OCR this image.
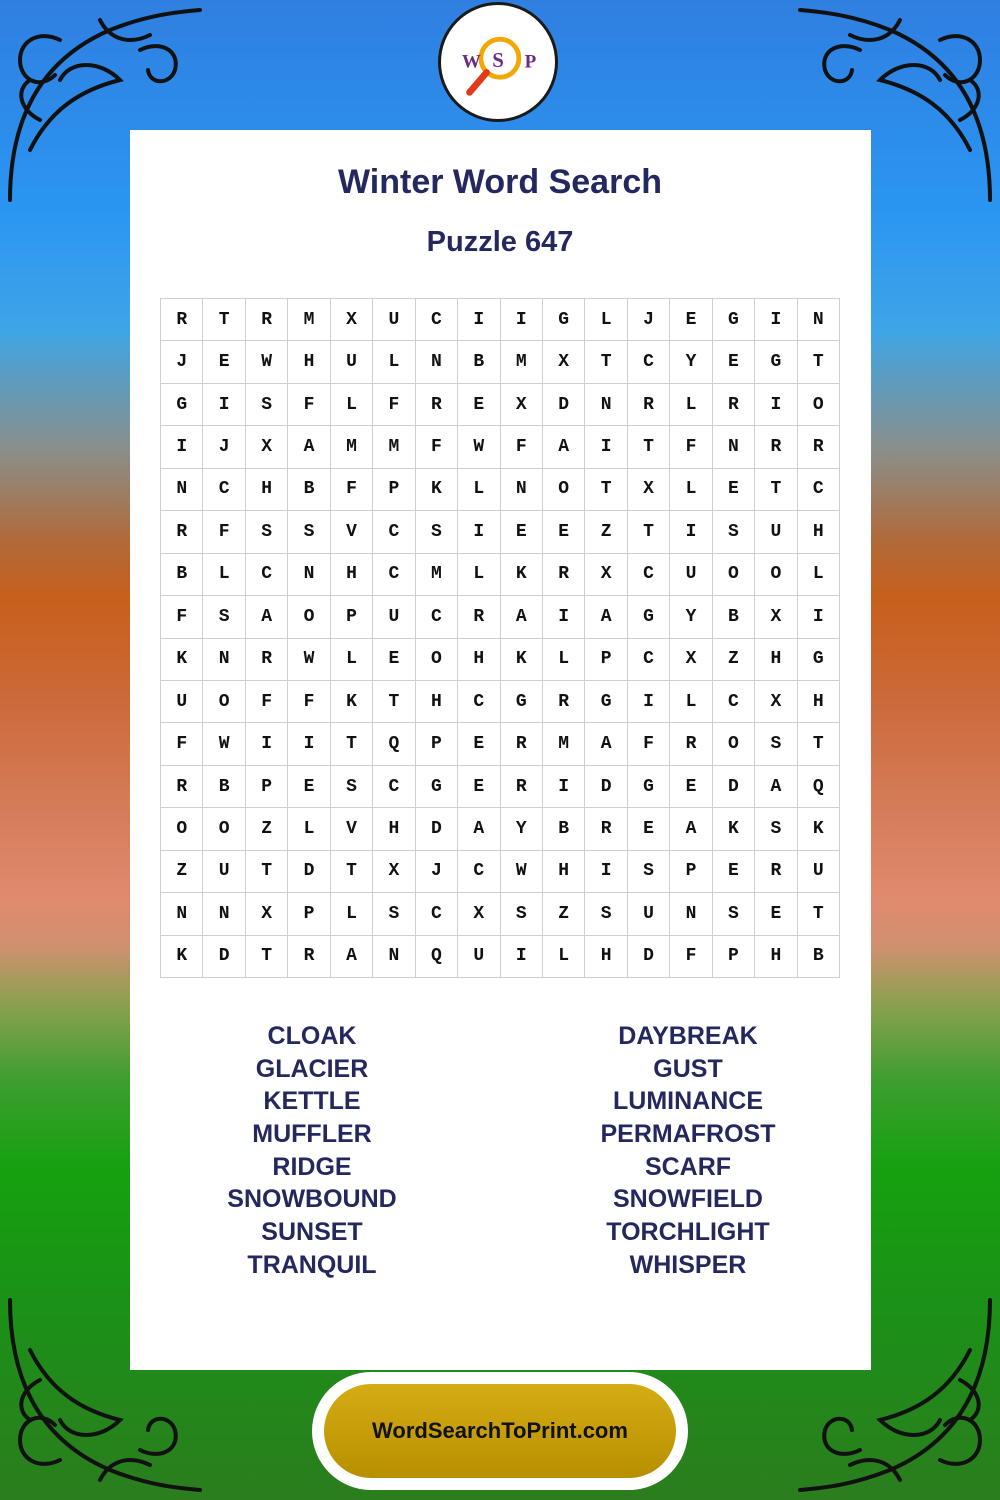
W S P
Winter Word Search
Puzzle 647
R	T	R	M	X	U	C	I	I	G	L	J	E	G	I	N
J	E	W	H	U	L	N	B	M	X	T	C	Y	E	G	T
G	I	S	F	L	F	R	E	X	D	N	R	L	R	I	O
I	J	X	A	M	M	F	W	F	A	I	T	F	N	R	R
N	C	H	B	F	P	K	L	N	O	T	X	L	E	T	C
R	F	S	S	V	C	S	I	E	E	Z	T	I	S	U	H
B	L	C	N	H	C	M	L	K	R	X	C	U	O	O	L
F	S	A	O	P	U	C	R	A	I	A	G	Y	B	X	I
K	N	R	W	L	E	O	H	K	L	P	C	X	Z	H	G
U	O	F	F	K	T	H	C	G	R	G	I	L	C	X	H
F	W	I	I	T	Q	P	E	R	M	A	F	R	O	S	T
R	B	P	E	S	C	G	E	R	I	D	G	E	D	A	Q
O	O	Z	L	V	H	D	A	Y	B	R	E	A	K	S	K
Z	U	T	D	T	X	J	C	W	H	I	S	P	E	R	U
N	N	X	P	L	S	C	X	S	Z	S	U	N	S	E	T
K	D	T	R	A	N	Q	U	I	L	H	D	F	P	H	B
CLOAK
GLACIER
KETTLE
MUFFLER
RIDGE
SNOWBOUND
SUNSET
TRANQUIL
DAYBREAK
GUST
LUMINANCE
PERMAFROST
SCARF
SNOWFIELD
TORCHLIGHT
WHISPER
WordSearchToPrint.com
